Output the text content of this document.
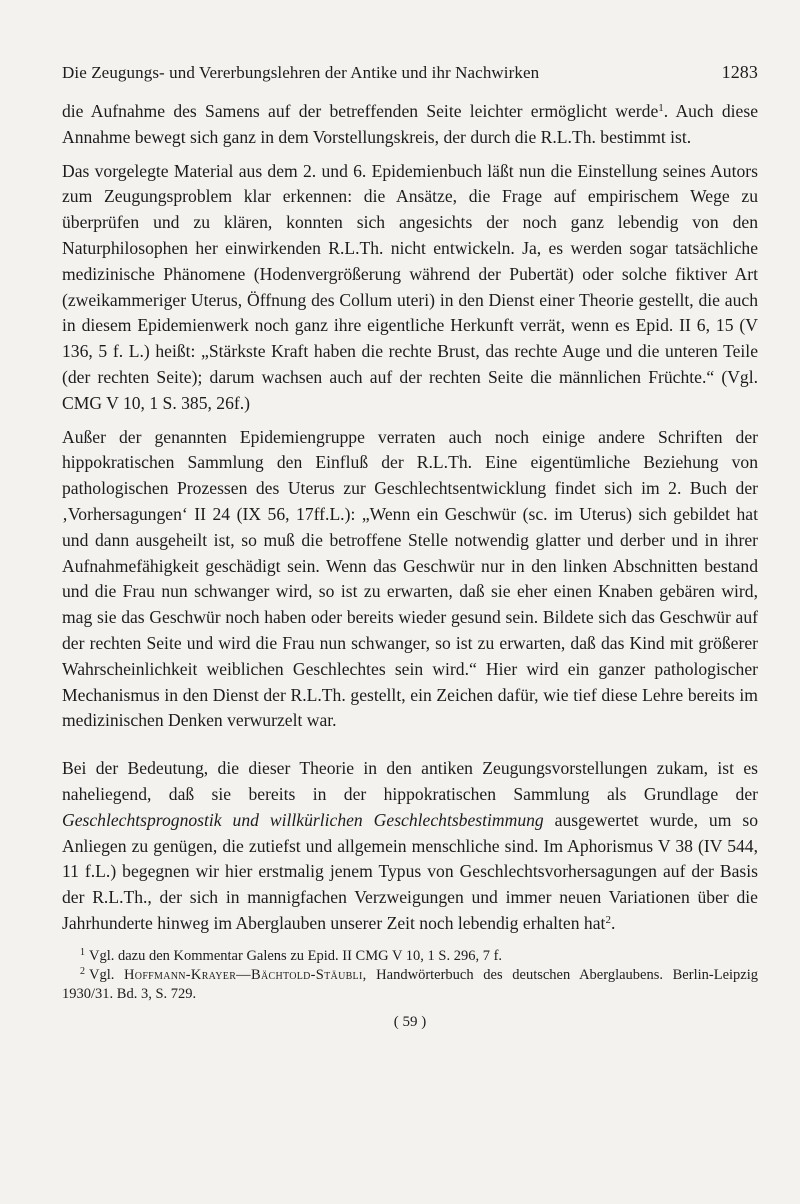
Die Zeugungs- und Vererbungslehren der Antike und ihr Nachwirken	1283

die Aufnahme des Samens auf der betreffenden Seite leichter ermöglicht werde$^1$. Auch diese Annahme bewegt sich ganz in dem Vorstellungskreis, der durch die R.L.Th. bestimmt ist.

Das vorgelegte Material aus dem 2. und 6. Epidemienbuch läßt nun die Einstellung seines Autors zum Zeugungsproblem klar erkennen: die Ansätze, die Frage auf empirischem Wege zu überprüfen und zu klären, konnten sich angesichts der noch ganz lebendig von den Naturphilosophen her einwirkenden R.L.Th. nicht entwickeln. Ja, es werden sogar tatsächliche medizinische Phänomene (Hodenvergrößerung während der Pubertät) oder solche fiktiver Art (zweikammeriger Uterus, Öffnung des Collum uteri) in den Dienst einer Theorie gestellt, die auch in diesem Epidemienwerk noch ganz ihre eigentliche Herkunft verrät, wenn es Epid. II 6, 15 (V 136, 5 f. L.) heißt: „Stärkste Kraft haben die rechte Brust, das rechte Auge und die unteren Teile (der rechten Seite); darum wachsen auch auf der rechten Seite die männlichen Früchte.“ (Vgl. CMG V 10, 1 S. 385, 26f.)

Außer der genannten Epidemiengruppe verraten auch noch einige andere Schriften der hippokratischen Sammlung den Einfluß der R.L.Th. Eine eigentümliche Beziehung von pathologischen Prozessen des Uterus zur Geschlechtsentwicklung findet sich im 2. Buch der ‚Vorhersagungen‘ II 24 (IX 56, 17ff.L.): „Wenn ein Geschwür (sc. im Uterus) sich gebildet hat und dann ausgeheilt ist, so muß die betroffene Stelle notwendig glatter und derber und in ihrer Aufnahmefähigkeit geschädigt sein. Wenn das Geschwür nur in den linken Abschnitten bestand und die Frau nun schwanger wird, so ist zu erwarten, daß sie eher einen Knaben gebären wird, mag sie das Geschwür noch haben oder bereits wieder gesund sein. Bildete sich das Geschwür auf der rechten Seite und wird die Frau nun schwanger, so ist zu erwarten, daß das Kind mit größerer Wahrscheinlichkeit weiblichen Geschlechtes sein wird.“ Hier wird ein ganzer pathologischer Mechanismus in den Dienst der R.L.Th. gestellt, ein Zeichen dafür, wie tief diese Lehre bereits im medizinischen Denken verwurzelt war.

Bei der Bedeutung, die dieser Theorie in den antiken Zeugungsvorstellungen zukam, ist es naheliegend, daß sie bereits in der hippokratischen Sammlung als Grundlage der Geschlechtsprognostik und willkürlichen Geschlechtsbestimmung ausgewertet wurde, um so Anliegen zu genügen, die zutiefst und allgemein menschliche sind. Im Aphorismus V 38 (IV 544, 11 f.L.) begegnen wir hier erstmalig jenem Typus von Geschlechtsvorhersagungen auf der Basis der R.L.Th., der sich in mannigfachen Verzweigungen und immer neuen Variationen über die Jahrhunderte hinweg im Aberglauben unserer Zeit noch lebendig erhalten hat$^2$.

$^1$ Vgl. dazu den Kommentar Galens zu Epid. II CMG V 10, 1 S. 296, 7 f.

$^2$ Vgl. Hoffmann-Krayer—Bächtold-Stäubli, Handwörterbuch des deutschen Aberglaubens. Berlin-Leipzig 1930/31. Bd. 3, S. 729.

( 59 )
